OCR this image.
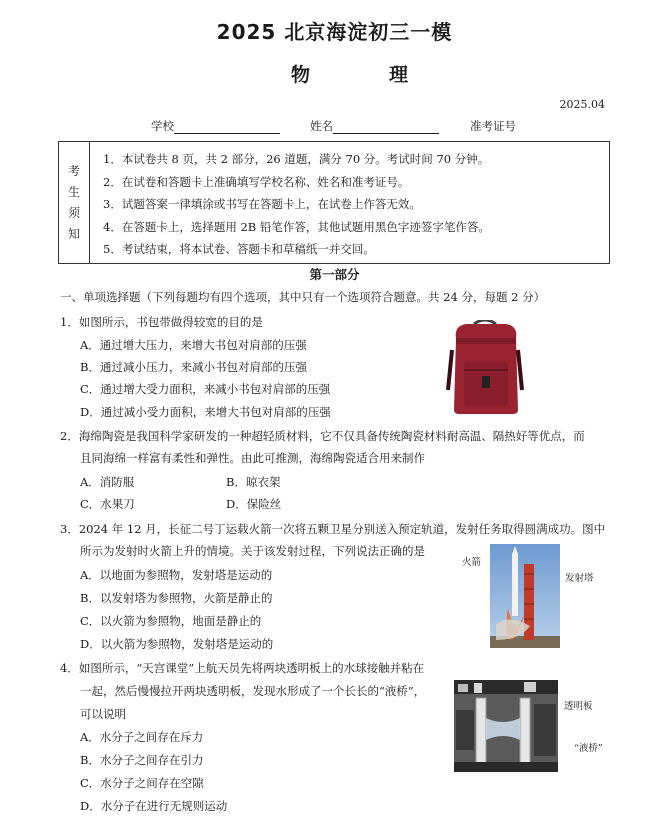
2025 北京海淀初三一模
物　理
2025.04
学校	姓名	准考证号
考
生
须
知
1．本试卷共 8 页，共 2 部分，26 道题，满分 70 分。考试时间 70 分钟。
2．在试卷和答题卡上准确填写学校名称、姓名和准考证号。
3．试题答案一律填涂或书写在答题卡上，在试卷上作答无效。
4．在答题卡上，选择题用 2B 铅笔作答，其他试题用黑色字迹签字笔作答。
5．考试结束，将本试卷、答题卡和草稿纸一并交回。
第一部分
一、单项选择题（下列每题均有四个选项，其中只有一个选项符合题意。共 24 分，每题 2 分）
1．如图所示，书包带做得较宽的目的是
A．通过增大压力，来增大书包对肩部的压强
B．通过减小压力，来减小书包对肩部的压强
C．通过增大受力面积，来减小书包对肩部的压强
D．通过减小受力面积，来增大书包对肩部的压强
2．海绵陶瓷是我国科学家研发的一种超轻质材料，它不仅具备传统陶瓷材料耐高温、隔热好等优点，而
且同海绵一样富有柔性和弹性。由此可推测，海绵陶瓷适合用来制作
A．消防服	B．晾衣架
C．水果刀	D．保险丝
3．2024 年 12 月，长征二号丁运载火箭一次将五颗卫星分别送入预定轨道，发射任务取得圆满成功。图中
所示为发射时火箭上升的情境。关于该发射过程，下列说法正确的是
A．以地面为参照物，发射塔是运动的
B．以发射塔为参照物，火箭是静止的
C．以火箭为参照物，地面是静止的
D．以火箭为参照物，发射塔是运动的
火箭
发射塔
4．如图所示，“天宫课堂”上航天员先将两块透明板上的水球接触并粘在
一起，然后慢慢拉开两块透明板，发现水形成了一个长长的“液桥”，
可以说明
A．水分子之间存在斥力
B．水分子之间存在引力
C．水分子之间存在空隙
D．水分子在进行无规则运动
透明板
“液桥”
